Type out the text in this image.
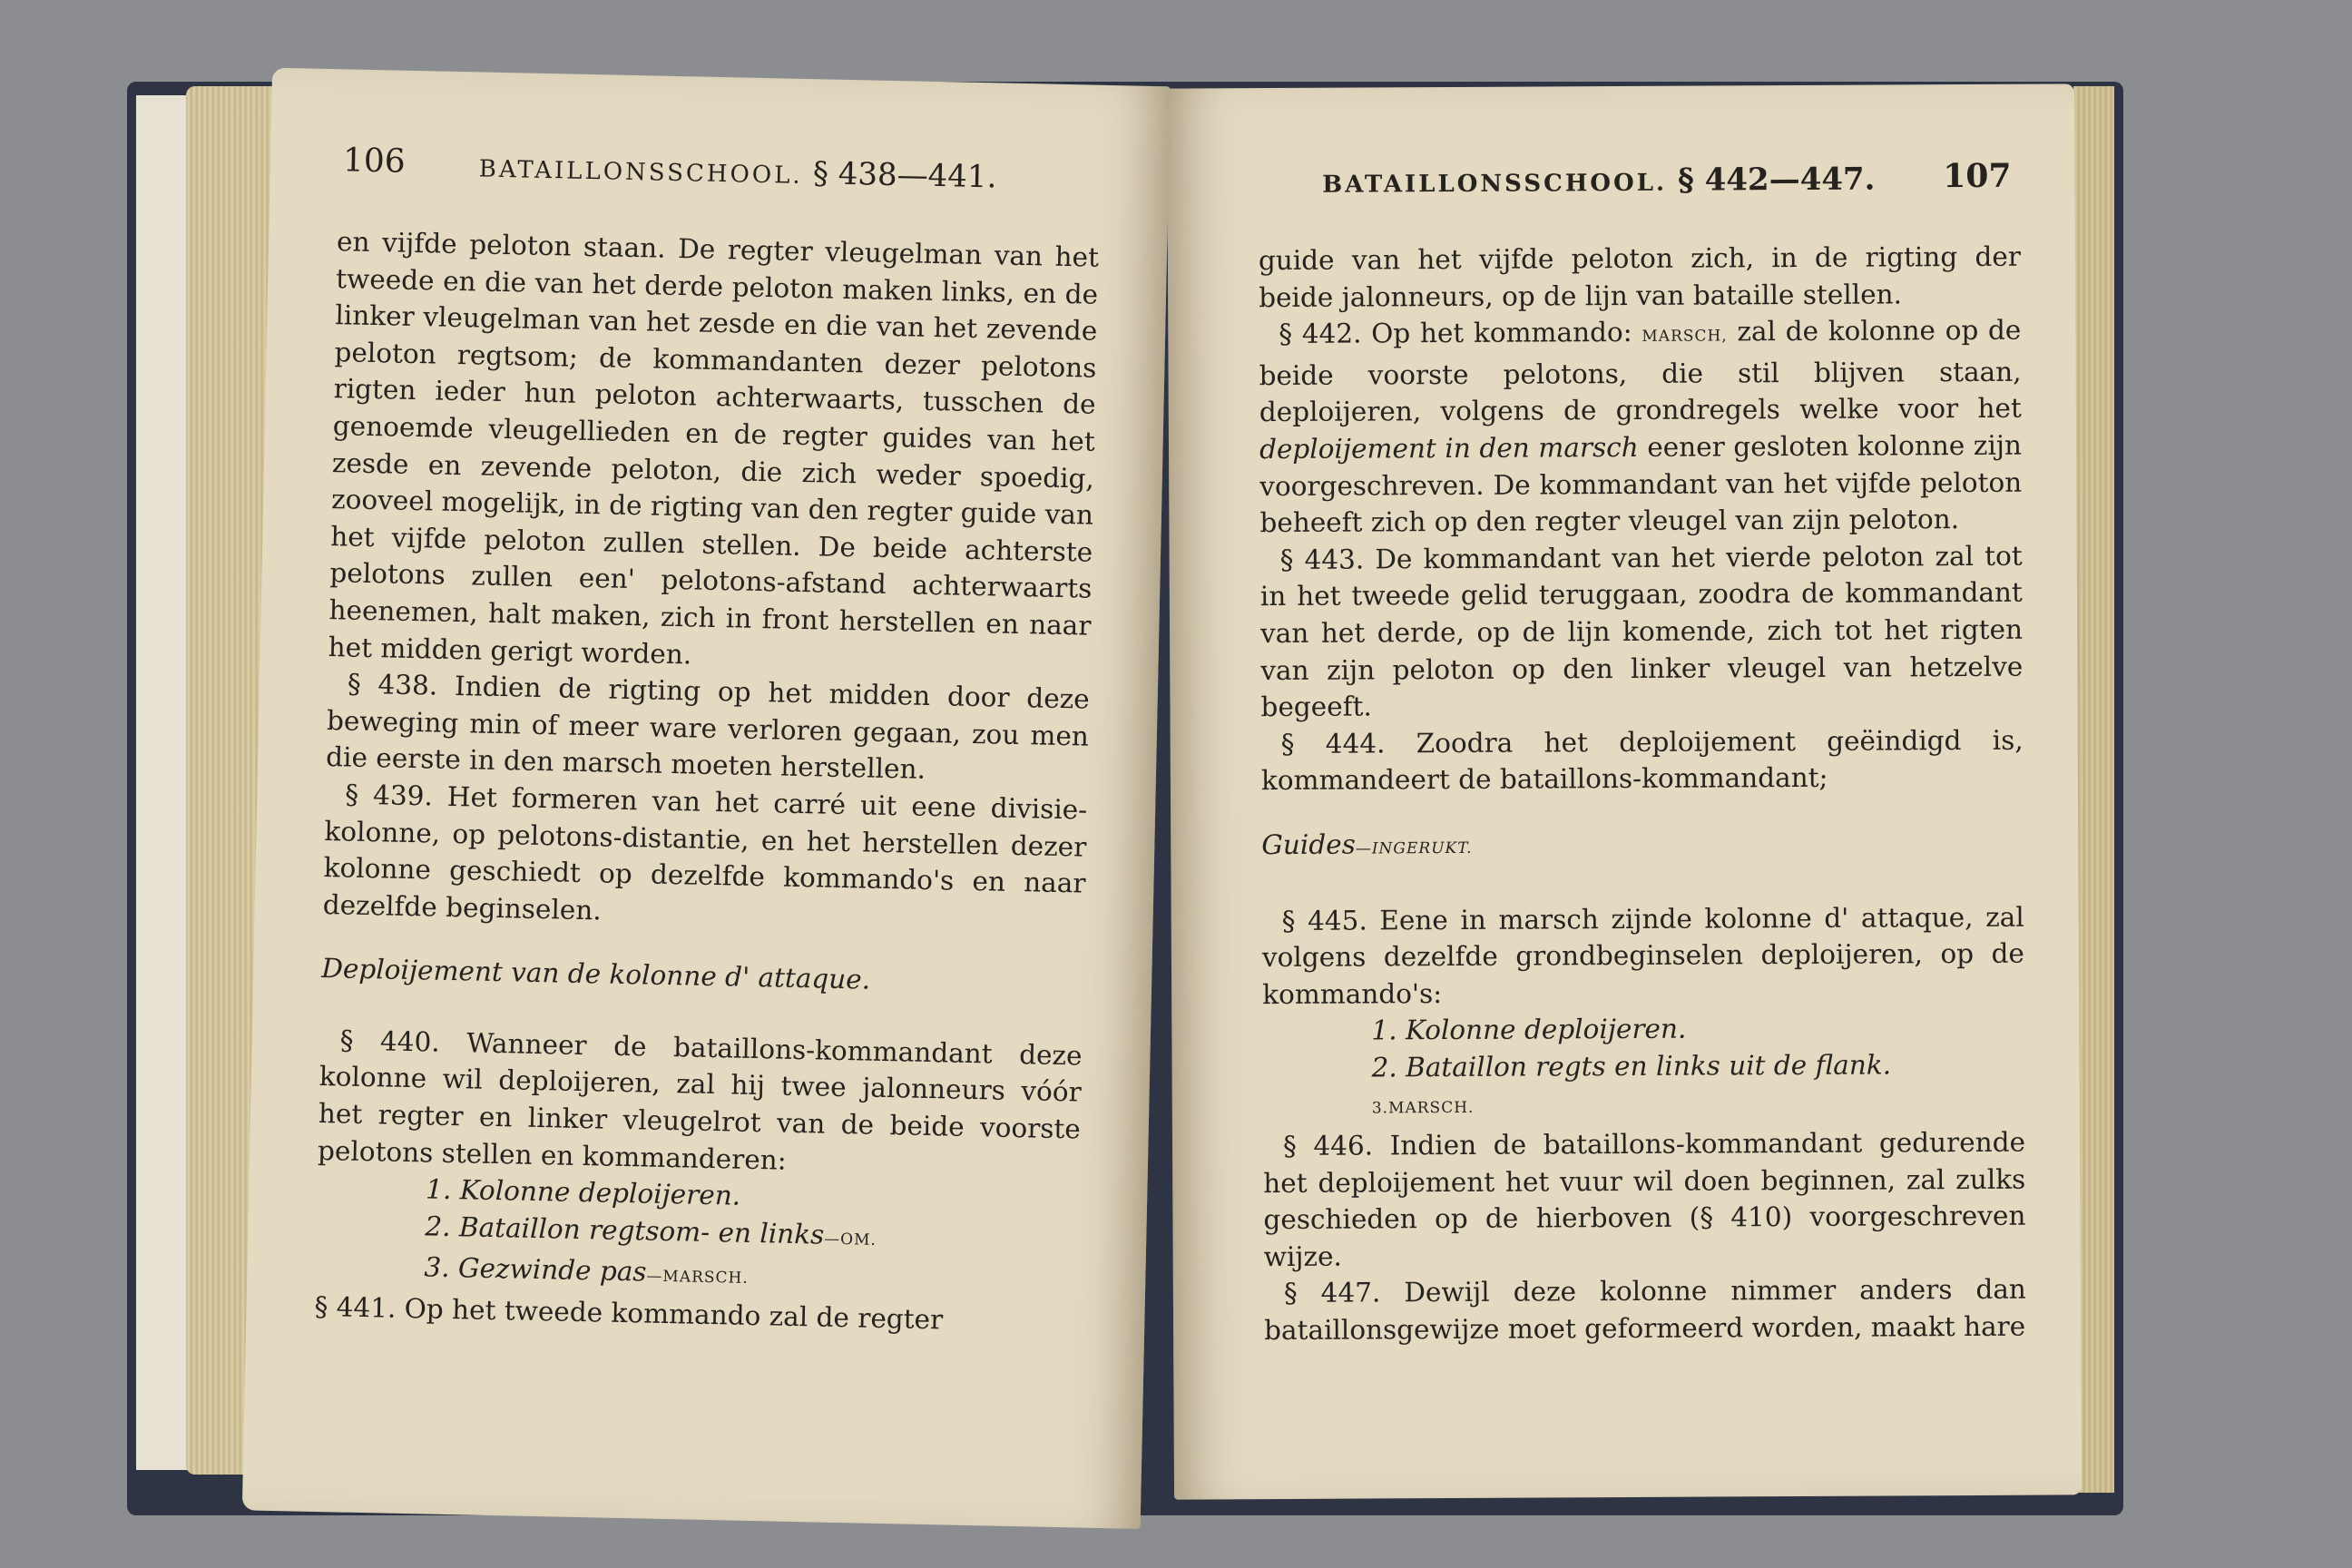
106	BATAILLONSSCHOOL. § 438—441.

en vijfde peloton staan. De regter vleugelman van het tweede en die van het derde peloton maken links, en de linker vleugelman van het zesde en die van het zevende peloton regtsom; de kommandanten dezer pelotons rigten ieder hun peloton achterwaarts, tusschen de genoemde vleugellieden en de regter guides van het zesde en zevende peloton, die zich weder spoedig, zooveel mogelijk, in de rigting van den regter guide van het vijfde peloton zullen stellen. De beide achterste pelotons zullen een' pelotons-afstand achterwaarts heenemen, halt maken, zich in front herstellen en naar het midden gerigt worden.

§ 438. Indien de rigting op het midden door deze beweging min of meer ware verloren gegaan, zou men die eerste in den marsch moeten herstellen.

§ 439. Het formeren van het carré uit eene divisie-kolonne, op pelotons-distantie, en het herstellen dezer kolonne geschiedt op dezelfde kommando's en naar dezelfde beginselen.

Deploijement van de kolonne d' attaque.

§ 440. Wanneer de bataillons-kommandant deze kolonne wil deploijeren, zal hij twee jalonneurs vóór het regter en linker vleugelrot van de beide voorste pelotons stellen en kommanderen:

1. Kolonne deploijeren.

2. Bataillon regtsom- en links—OM.

3. Gezwinde pas—MARSCH.

§ 441. Op het tweede kommando zal de regter

BATAILLONSSCHOOL. § 442—447. 107

guide van het vijfde peloton zich, in de rigting der beide jalonneurs, op de lijn van bataille stellen.

§ 442. Op het kommando: MARSCH, zal de kolonne op de beide voorste pelotons, die stil blijven staan, deploijeren, volgens de grondregels welke voor het deploijement in den marsch eener gesloten kolonne zijn voorgeschreven. De kommandant van het vijfde peloton beheeft zich op den regter vleugel van zijn peloton.

§ 443. De kommandant van het vierde peloton zal tot in het tweede gelid teruggaan, zoodra de kommandant van het derde, op de lijn komende, zich tot het rigten van zijn peloton op den linker vleugel van hetzelve begeeft.

§ 444. Zoodra het deploijement geëindigd is, kommandeert de bataillons-kommandant;

Guides—INGERUKT.

§ 445. Eene in marsch zijnde kolonne d' attaque, zal volgens dezelfde grondbeginselen deploijeren, op de kommando's:

1. Kolonne deploijeren.

2. Bataillon regts en links uit de flank.

3.MARSCH.

§ 446. Indien de bataillons-kommandant gedurende het deploijement het vuur wil doen beginnen, zal zulks geschieden op de hierboven (§ 410) voorgeschreven wijze.

§ 447. Dewijl deze kolonne nimmer anders dan bataillonsgewijze moet geformeerd worden, maakt hare
